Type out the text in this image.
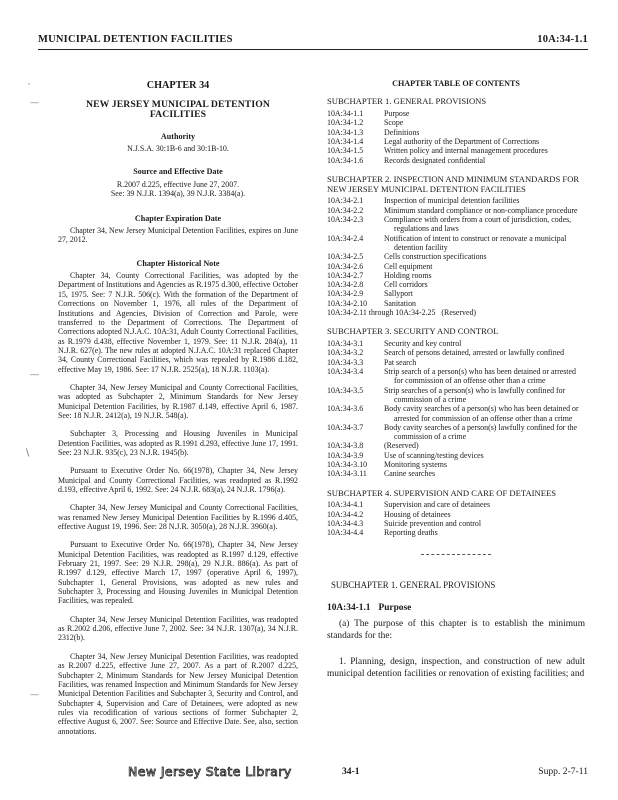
MUNICIPAL DETENTION FACILITIES	10A:34-1.1
′
—
―
∖
—
CHAPTER 34
NEW JERSEY MUNICIPAL DETENTION FACILITIES
Authority
N.J.S.A. 30:1B-6 and 30:1B-10.
Source and Effective Date
R.2007 d.225, effective June 27, 2007.
See: 39 N.J.R. 1394(a), 39 N.J.R. 3384(a).
Chapter Expiration Date
Chapter 34, New Jersey Municipal Detention Facilities, expires on June 27, 2012.
Chapter Historical Note
Chapter 34, County Correctional Facilities, was adopted by the Department of Institutions and Agencies as R.1975 d.300, effective October 15, 1975. See: 7 N.J.R. 506(c). With the formation of the Department of Corrections on November 1, 1976, all rules of the Department of Institutions and Agencies, Division of Correction and Parole, were transferred to the Department of Corrections. The Department of Corrections adopted N.J.A.C. 10A:31, Adult County Correctional Facilities, as R.1979 d.438, effective November 1, 1979. See: 11 N.J.R. 284(a), 11 N.J.R. 627(e). The new rules at adopted N.J.A.C. 10A:31 replaced Chapter 34, County Correctional Facilities, which was repealed by R.1986 d.182, effective May 19, 1986. See: 17 N.J.R. 2525(a), 18 N.J.R. 1103(a).
Chapter 34, New Jersey Municipal and County Correctional Facilities, was adopted as Subchapter 2, Minimum Standards for New Jersey Municipal Detention Facilities, by R.1987 d.149, effective April 6, 1987. See: 18 N.J.R. 2412(a), 19 N.J.R. 548(a).
Subchapter 3, Processing and Housing Juveniles in Municipal Detention Facilities, was adopted as R.1991 d.293, effective June 17, 1991. See: 23 N.J.R. 935(c), 23 N.J.R. 1945(b).
Pursuant to Executive Order No. 66(1978), Chapter 34, New Jersey Municipal and County Correctional Facilities, was readopted as R.1992 d.193, effective April 6, 1992. See: 24 N.J.R. 683(a), 24 N.J.R. 1796(a).
Chapter 34, New Jersey Municipal and County Correctional Facilities, was renamed New Jersey Municipal Detention Facilities by R.1996 d.405, effective August 19, 1996. See: 28 N.J.R. 3050(a), 28 N.J.R. 3960(a).
Pursuant to Executive Order No. 66(1978), Chapter 34, New Jersey Municipal Detention Facilities, was readopted as R.1997 d.129, effective February 21, 1997. See: 29 N.J.R. 298(a), 29 N.J.R. 886(a). As part of R.1997 d.129, effective March 17, 1997 (operative April 6, 1997), Subchapter 1, General Provisions, was adopted as new rules and Subchapter 3, Processing and Housing Juveniles in Municipal Detention Facilities, was repealed.
Chapter 34, New Jersey Municipal Detention Facilities, was readopted as R.2002 d.206, effective June 7, 2002. See: 34 N.J.R. 1307(a), 34 N.J.R. 2312(b).
Chapter 34, New Jersey Municipal Detention Facilities, was readopted as R.2007 d.225, effective June 27, 2007. As a part of R.2007 d.225, Subchapter 2, Minimum Standards for New Jersey Municipal Detention Facilities, was renamed Inspection and Minimum Standards for New Jersey Municipal Detention Facilities and Subchapter 3, Security and Control, and Subchapter 4, Supervision and Care of Detainees, were adopted as new rules via recodification of various sections of former Subchapter 2, effective August 6, 2007. See: Source and Effective Date. See, also, section annotations.
CHAPTER TABLE OF CONTENTS
SUBCHAPTER 1. GENERAL PROVISIONS
10A:34-1.1	Purpose
10A:34-1.2	Scope
10A:34-1.3	Definitions
10A:34-1.4	Legal authority of the Department of Corrections
10A:34-1.5	Written policy and internal management procedures
10A:34-1.6	Records designated confidential
SUBCHAPTER 2. INSPECTION AND MINIMUM STANDARDS FOR NEW JERSEY MUNICIPAL DETENTION FACILITIES
10A:34-2.1	Inspection of municipal detention facilities
10A:34-2.2	Minimum standard compliance or non-compliance procedure
10A:34-2.3	Compliance with orders from a court of jurisdiction, codes, regulations and laws
10A:34-2.4	Notification of intent to construct or renovate a municipal detention facility
10A:34-2.5	Cells construction specifications
10A:34-2.6	Cell equipment
10A:34-2.7	Holding rooms
10A:34-2.8	Cell corridors
10A:34-2.9	Sallyport
10A:34-2.10	Sanitation
10A:34-2.11 through 10A:34-2.25 (Reserved)
SUBCHAPTER 3. SECURITY AND CONTROL
10A:34-3.1	Security and key control
10A:34-3.2	Search of persons detained, arrested or lawfully confined
10A:34-3.3	Pat search
10A:34-3.4	Strip search of a person(s) who has been detained or arrested for commission of an offense other than a crime
10A:34-3.5	Strip searches of a person(s) who is lawfully confined for commission of a crime
10A:34-3.6	Body cavity searches of a person(s) who has been detained or arrested for commission of an offense other than a crime
10A:34-3.7	Body cavity searches of a person(s) lawfully confined for the commission of a crime
10A:34-3.8	(Reserved)
10A:34-3.9	Use of scanning/testing devices
10A:34-3.10	Monitoring systems
10A:34-3.11	Canine searches
SUBCHAPTER 4. SUPERVISION AND CARE OF DETAINEES
10A:34-4.1	Supervision and care of detainees
10A:34-4.2	Housing of detainees
10A:34-4.3	Suicide prevention and control
10A:34-4.4	Reporting deaths
SUBCHAPTER 1. GENERAL PROVISIONS
10A:34-1.1 Purpose
(a) The purpose of this chapter is to establish the minimum standards for the:
1. Planning, design, inspection, and construction of new adult municipal detention facilities or renovation of existing facilities; and
New Jersey State Library	34-1	Supp. 2-7-11
